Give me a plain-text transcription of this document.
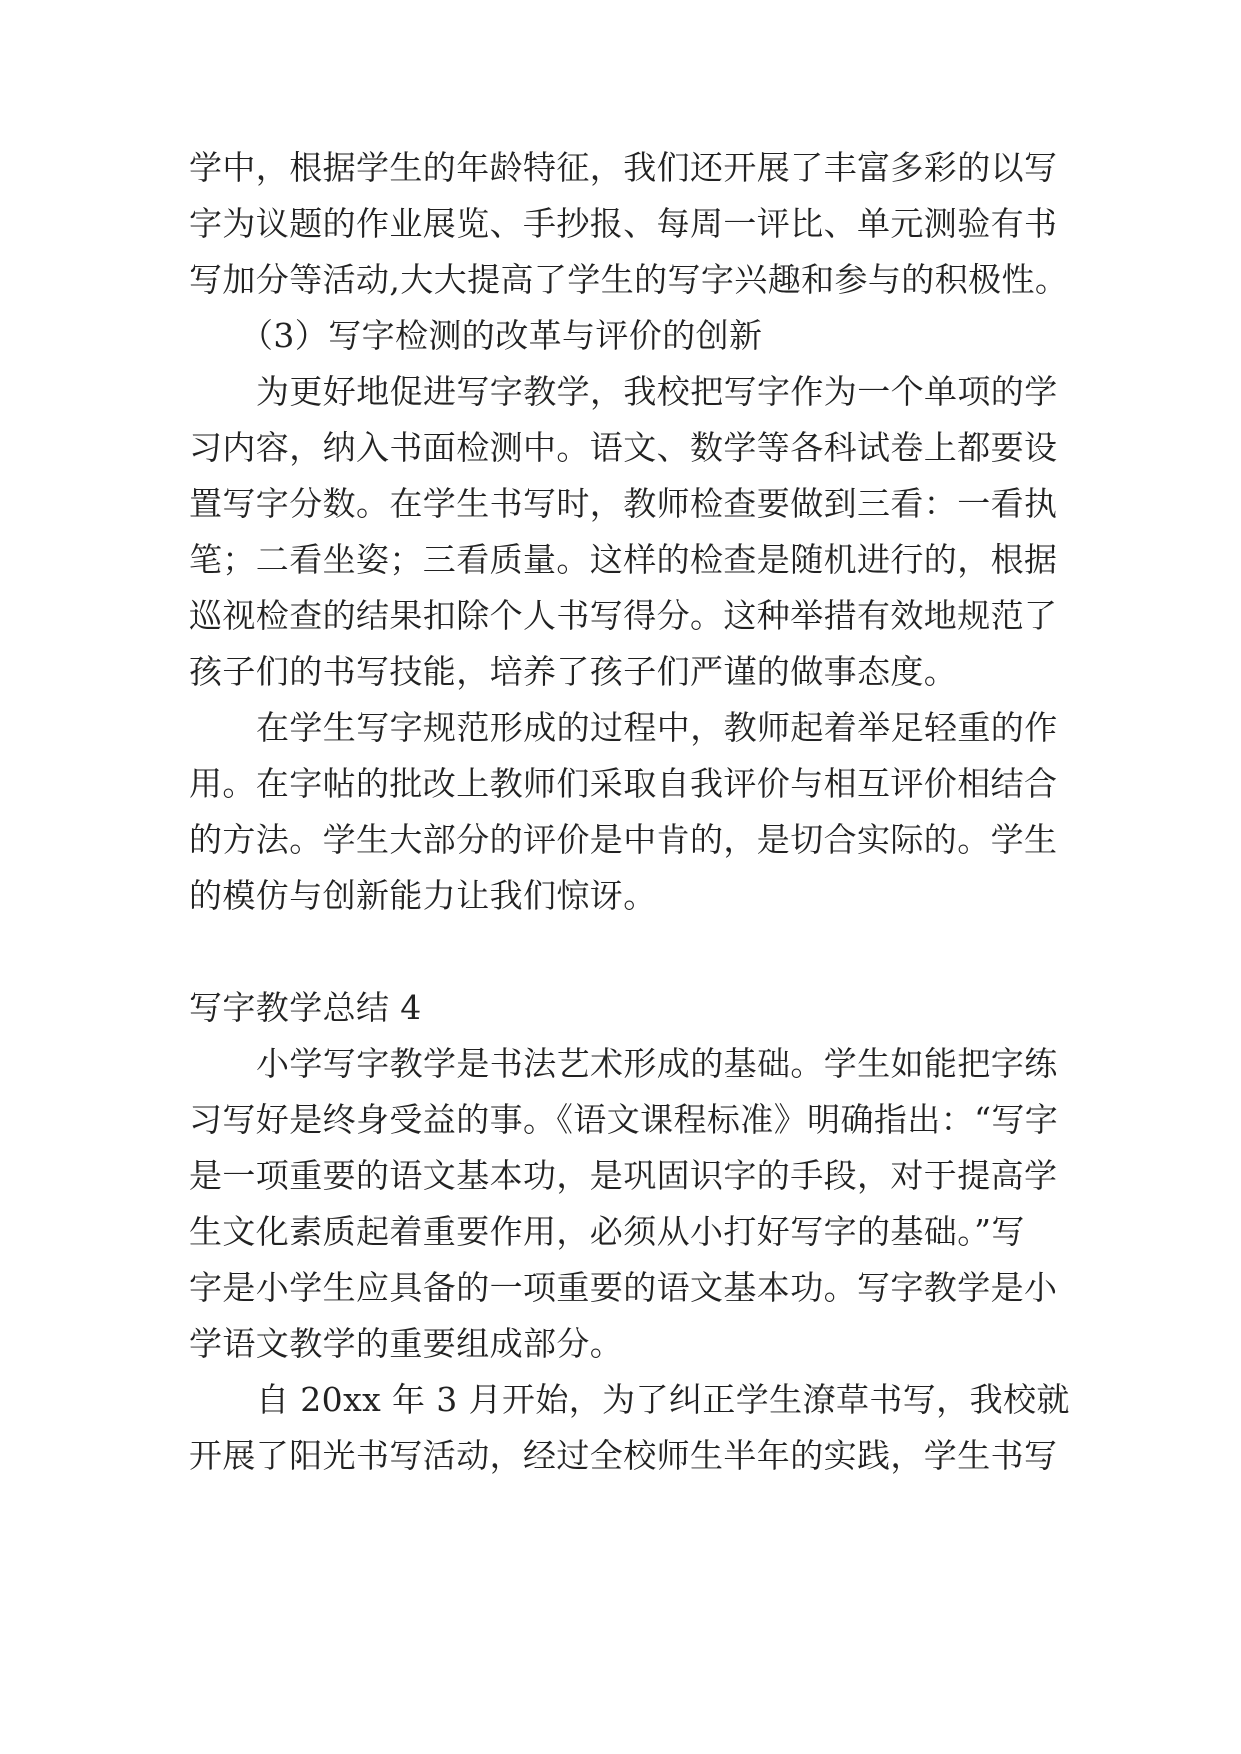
学中，根据学生的年龄特征，我们还开展了丰富多彩的以写
字为议题的作业展览、手抄报、每周一评比、单元测验有书
写加分等活动,大大提高了学生的写字兴趣和参与的积极性。
（3）写字检测的改革与评价的创新
为更好地促进写字教学，我校把写字作为一个单项的学
习内容，纳入书面检测中。语文、数学等各科试卷上都要设
置写字分数。在学生书写时，教师检查要做到三看：一看执
笔；二看坐姿；三看质量。这样的检查是随机进行的，根据
巡视检查的结果扣除个人书写得分。这种举措有效地规范了
孩子们的书写技能，培养了孩子们严谨的做事态度。
在学生写字规范形成的过程中，教师起着举足轻重的作
用。在字帖的批改上教师们采取自我评价与相互评价相结合
的方法。学生大部分的评价是中肯的，是切合实际的。学生
的模仿与创新能力让我们惊讶。
写字教学总结 4
小学写字教学是书法艺术形成的基础。学生如能把字练
习写好是终身受益的事。《语文课程标准》明确指出：“写字
是一项重要的语文基本功，是巩固识字的手段，对于提高学
生文化素质起着重要作用，必须从小打好写字的基础。”写
字是小学生应具备的一项重要的语文基本功。写字教学是小
学语文教学的重要组成部分。
自 20xx 年 3 月开始，为了纠正学生潦草书写，我校就
开展了阳光书写活动，经过全校师生半年的实践，学生书写
